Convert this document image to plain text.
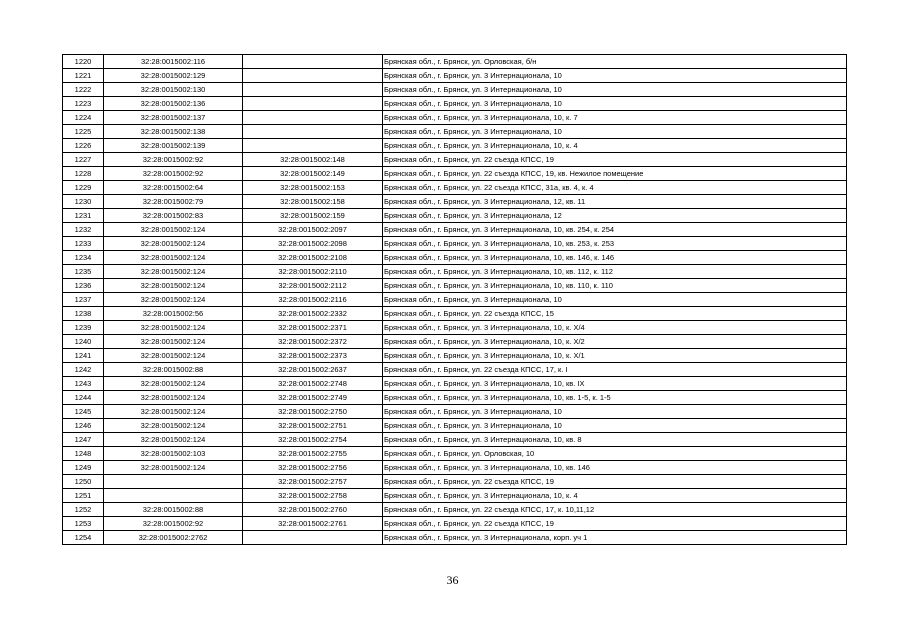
1220	32:28:0015002:116		Брянская обл., г. Брянск, ул. Орловская, б/н
1221	32:28:0015002:129		Брянская обл., г. Брянск, ул. 3 Интернационала, 10
1222	32:28:0015002:130		Брянская обл., г. Брянск, ул. 3 Интернационала, 10
1223	32:28:0015002:136		Брянская обл., г. Брянск, ул. 3 Интернационала, 10
1224	32:28:0015002:137		Брянская обл., г. Брянск, ул. 3 Интернационала, 10, к. 7
1225	32:28:0015002:138		Брянская обл., г. Брянск, ул. 3 Интернационала, 10
1226	32:28:0015002:139		Брянская обл., г. Брянск, ул. 3 Интернационала, 10, к. 4
1227	32:28:0015002:92	32:28:0015002:148	Брянская обл., г. Брянск, ул. 22 съезда КПСС, 19
1228	32:28:0015002:92	32:28:0015002:149	Брянская обл., г. Брянск, ул. 22 съезда КПСС, 19, кв. Нежилое помещение
1229	32:28:0015002:64	32:28:0015002:153	Брянская обл., г. Брянск, ул. 22 съезда КПСС, 31а, кв. 4, к. 4
1230	32:28:0015002:79	32:28:0015002:158	Брянская обл., г. Брянск, ул. 3 Интернационала, 12, кв. 11
1231	32:28:0015002:83	32:28:0015002:159	Брянская обл., г. Брянск, ул. 3 Интернационала, 12
1232	32:28:0015002:124	32:28:0015002:2097	Брянская обл., г. Брянск, ул. 3 Интернационала, 10, кв. 254, к. 254
1233	32:28:0015002:124	32:28:0015002:2098	Брянская обл., г. Брянск, ул. 3 Интернационала, 10, кв. 253, к. 253
1234	32:28:0015002:124	32:28:0015002:2108	Брянская обл., г. Брянск, ул. 3 Интернационала, 10, кв. 146, к. 146
1235	32:28:0015002:124	32:28:0015002:2110	Брянская обл., г. Брянск, ул. 3 Интернационала, 10, кв. 112, к. 112
1236	32:28:0015002:124	32:28:0015002:2112	Брянская обл., г. Брянск, ул. 3 Интернационала, 10, кв. 110, к. 110
1237	32:28:0015002:124	32:28:0015002:2116	Брянская обл., г. Брянск, ул. 3 Интернационала, 10
1238	32:28:0015002:56	32:28:0015002:2332	Брянская обл., г. Брянск, ул. 22 съезда КПСС, 15
1239	32:28:0015002:124	32:28:0015002:2371	Брянская обл., г. Брянск, ул. 3 Интернационала, 10, к. Х/4
1240	32:28:0015002:124	32:28:0015002:2372	Брянская обл., г. Брянск, ул. 3 Интернационала, 10, к. Х/2
1241	32:28:0015002:124	32:28:0015002:2373	Брянская обл., г. Брянск, ул. 3 Интернационала, 10, к. Х/1
1242	32:28:0015002:88	32:28:0015002:2637	Брянская обл., г. Брянск, ул. 22 съезда КПСС, 17, к. I
1243	32:28:0015002:124	32:28:0015002:2748	Брянская обл., г. Брянск, ул. 3 Интернационала, 10, кв. IX
1244	32:28:0015002:124	32:28:0015002:2749	Брянская обл., г. Брянск, ул. 3 Интернационала, 10, кв. 1-5, к. 1-5
1245	32:28:0015002:124	32:28:0015002:2750	Брянская обл., г. Брянск, ул. 3 Интернационала, 10
1246	32:28:0015002:124	32:28:0015002:2751	Брянская обл., г. Брянск, ул. 3 Интернационала, 10
1247	32:28:0015002:124	32:28:0015002:2754	Брянская обл., г. Брянск, ул. 3 Интернационала, 10, кв. 8
1248	32:28:0015002:103	32:28:0015002:2755	Брянская обл., г. Брянск, ул. Орловская, 10
1249	32:28:0015002:124	32:28:0015002:2756	Брянская обл., г. Брянск, ул. 3 Интернационала, 10, кв. 146
1250		32:28:0015002:2757	Брянская обл., г. Брянск, ул. 22 съезда КПСС, 19
1251		32:28:0015002:2758	Брянская обл., г. Брянск, ул. 3 Интернационала, 10, к. 4
1252	32:28:0015002:88	32:28:0015002:2760	Брянская обл., г. Брянск, ул. 22 съезда КПСС, 17, к. 10,11,12
1253	32:28:0015002:92	32:28:0015002:2761	Брянская обл., г. Брянск, ул. 22 съезда КПСС, 19
1254	32:28:0015002:2762		Брянская обл., г. Брянск, ул. 3 Интернационала, корп. уч 1
36
